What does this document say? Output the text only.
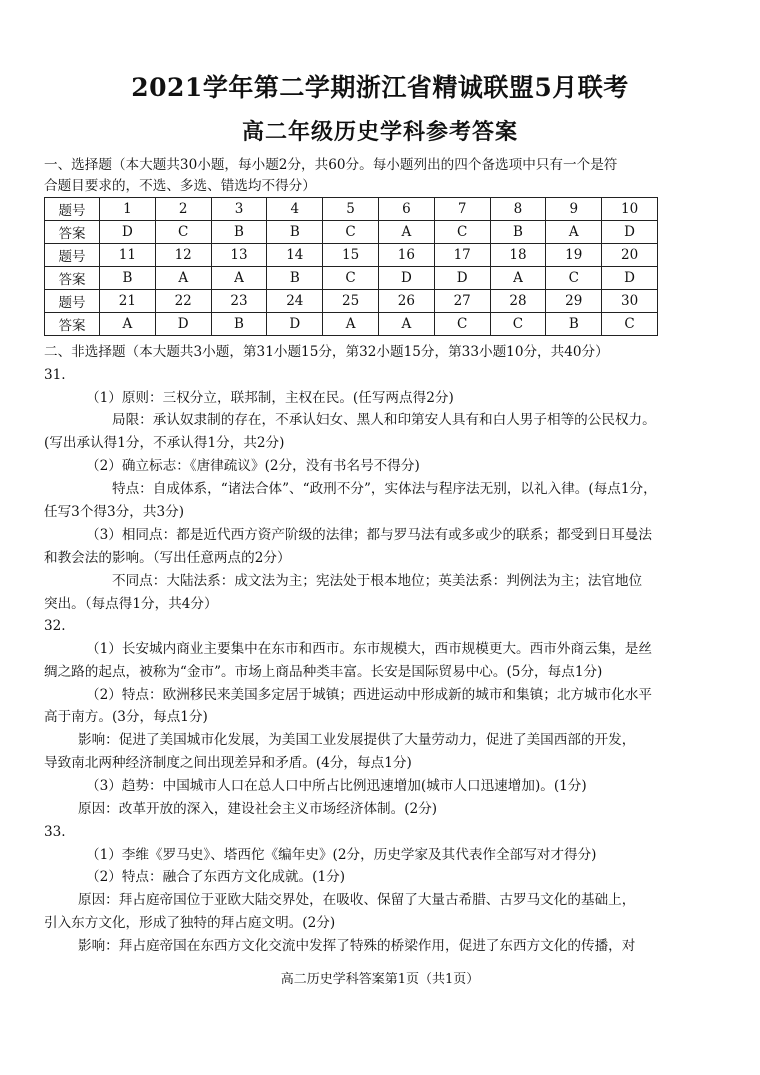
2021学年第二学期浙江省精诚联盟5月联考
高二年级历史学科参考答案
一、选择题（本大题共30小题，每小题2分，共60分。每小题列出的四个备选项中只有一个是符
合题目要求的，不选、多选、错选均不得分）
题号	1	2	3	4	5	6	7	8	9	10
答案	D	C	B	B	C	A	C	B	A	D
题号	11	12	13	14	15	16	17	18	19	20
答案	B	A	A	B	C	D	D	A	C	D
题号	21	22	23	24	25	26	27	28	29	30
答案	A	D	B	D	A	A	C	C	B	C
二、非选择题（本大题共3小题，第31小题15分，第32小题15分，第33小题10分，共40分）
31.
（1）原则：三权分立，联邦制，主权在民。(任写两点得2分)
局限：承认奴隶制的存在，不承认妇女、黑人和印第安人具有和白人男子相等的公民权力。
(写出承认得1分，不承认得1分，共2分)
（2）确立标志：《唐律疏议》(2分，没有书名号不得分)
特点：自成体系，“诸法合体”、“政刑不分”，实体法与程序法无别，以礼入律。(每点1分，
任写3个得3分，共3分)
（3）相同点：都是近代西方资产阶级的法律；都与罗马法有或多或少的联系；都受到日耳曼法
和教会法的影响。（写出任意两点的2分）
不同点：大陆法系：成文法为主；宪法处于根本地位；英美法系：判例法为主；法官地位
突出。（每点得1分，共4分）
32.
（1）长安城内商业主要集中在东市和西市。东市规模大，西市规模更大。西市外商云集，是丝
绸之路的起点，被称为“金市”。市场上商品种类丰富。长安是国际贸易中心。(5分，每点1分)
（2）特点：欧洲移民来美国多定居于城镇；西进运动中形成新的城市和集镇；北方城市化水平
高于南方。(3分，每点1分)
影响：促进了美国城市化发展，为美国工业发展提供了大量劳动力，促进了美国西部的开发，
导致南北两种经济制度之间出现差异和矛盾。(4分，每点1分)
（3）趋势：中国城市人口在总人口中所占比例迅速增加(城市人口迅速增加)。(1分)
原因：改革开放的深入，建设社会主义市场经济体制。(2分)
33.
（1）李维《罗马史》、塔西佗《编年史》(2分，历史学家及其代表作全部写对才得分)
（2）特点：融合了东西方文化成就。(1分)
原因：拜占庭帝国位于亚欧大陆交界处，在吸收、保留了大量古希腊、古罗马文化的基础上，
引入东方文化，形成了独特的拜占庭文明。(2分)
影响：拜占庭帝国在东西方文化交流中发挥了特殊的桥梁作用，促进了东西方文化的传播，对
高二历史学科答案第1页（共1页）
